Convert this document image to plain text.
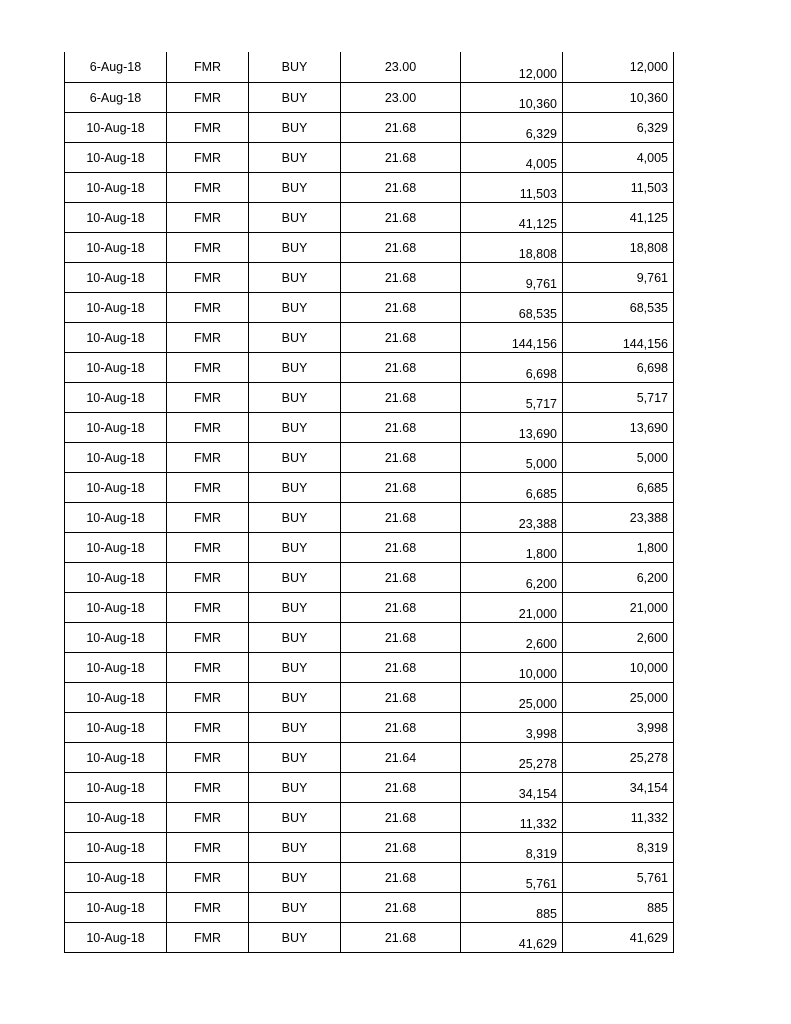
6-Aug-18	FMR	BUY	23.00	12,000	12,000
6-Aug-18	FMR	BUY	23.00	10,360	10,360
10-Aug-18	FMR	BUY	21.68	6,329	6,329
10-Aug-18	FMR	BUY	21.68	4,005	4,005
10-Aug-18	FMR	BUY	21.68	11,503	11,503
10-Aug-18	FMR	BUY	21.68	41,125	41,125
10-Aug-18	FMR	BUY	21.68	18,808	18,808
10-Aug-18	FMR	BUY	21.68	9,761	9,761
10-Aug-18	FMR	BUY	21.68	68,535	68,535
10-Aug-18	FMR	BUY	21.68	144,156	144,156
10-Aug-18	FMR	BUY	21.68	6,698	6,698
10-Aug-18	FMR	BUY	21.68	5,717	5,717
10-Aug-18	FMR	BUY	21.68	13,690	13,690
10-Aug-18	FMR	BUY	21.68	5,000	5,000
10-Aug-18	FMR	BUY	21.68	6,685	6,685
10-Aug-18	FMR	BUY	21.68	23,388	23,388
10-Aug-18	FMR	BUY	21.68	1,800	1,800
10-Aug-18	FMR	BUY	21.68	6,200	6,200
10-Aug-18	FMR	BUY	21.68	21,000	21,000
10-Aug-18	FMR	BUY	21.68	2,600	2,600
10-Aug-18	FMR	BUY	21.68	10,000	10,000
10-Aug-18	FMR	BUY	21.68	25,000	25,000
10-Aug-18	FMR	BUY	21.68	3,998	3,998
10-Aug-18	FMR	BUY	21.64	25,278	25,278
10-Aug-18	FMR	BUY	21.68	34,154	34,154
10-Aug-18	FMR	BUY	21.68	11,332	11,332
10-Aug-18	FMR	BUY	21.68	8,319	8,319
10-Aug-18	FMR	BUY	21.68	5,761	5,761
10-Aug-18	FMR	BUY	21.68	885	885
10-Aug-18	FMR	BUY	21.68	41,629	41,629
